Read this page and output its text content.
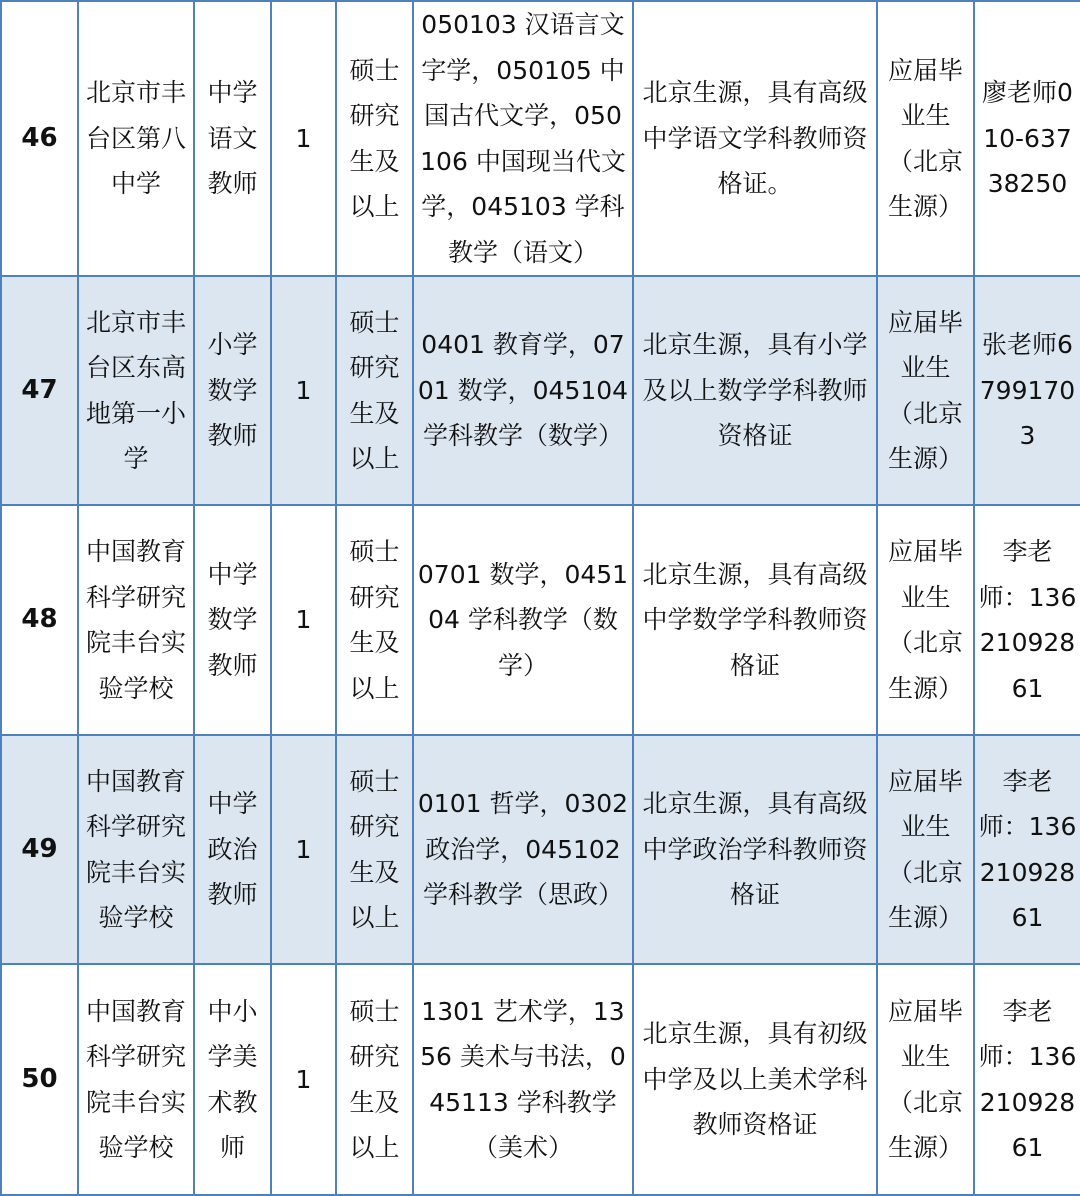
46	北京市丰台区第八中学	中学语文教师	1	硕士研究生及以上	050103 汉语言文字学，050105 中国古代文学，050106 中国现当代文学，045103 学科教学（语文）	北京生源，具有高级中学语文学科教师资格证。	应届毕业生（北京生源）	廖老师010-63738250
47	北京市丰台区东高地第一小学	小学数学教师	1	硕士研究生及以上	0401 教育学，0701 数学，045104 学科教学（数学）	北京生源，具有小学及以上数学学科教师资格证	应届毕业生（北京生源）	张老师67991703
48	中国教育科学研究院丰台实验学校	中学数学教师	1	硕士研究生及以上	0701 数学，045104 学科教学（数学）	北京生源，具有高级中学数学学科教师资格证	应届毕业生（北京生源）	李老师：13621092861
49	中国教育科学研究院丰台实验学校	中学政治教师	1	硕士研究生及以上	0101 哲学，0302 政治学，045102 学科教学（思政）	北京生源，具有高级中学政治学科教师资格证	应届毕业生（北京生源）	李老师：13621092861
50	中国教育科学研究院丰台实验学校	中小学美术教师	1	硕士研究生及以上	1301 艺术学，1356 美术与书法，045113 学科教学（美术）	北京生源，具有初级中学及以上美术学科教师资格证	应届毕业生（北京生源）	李老师：13621092861
